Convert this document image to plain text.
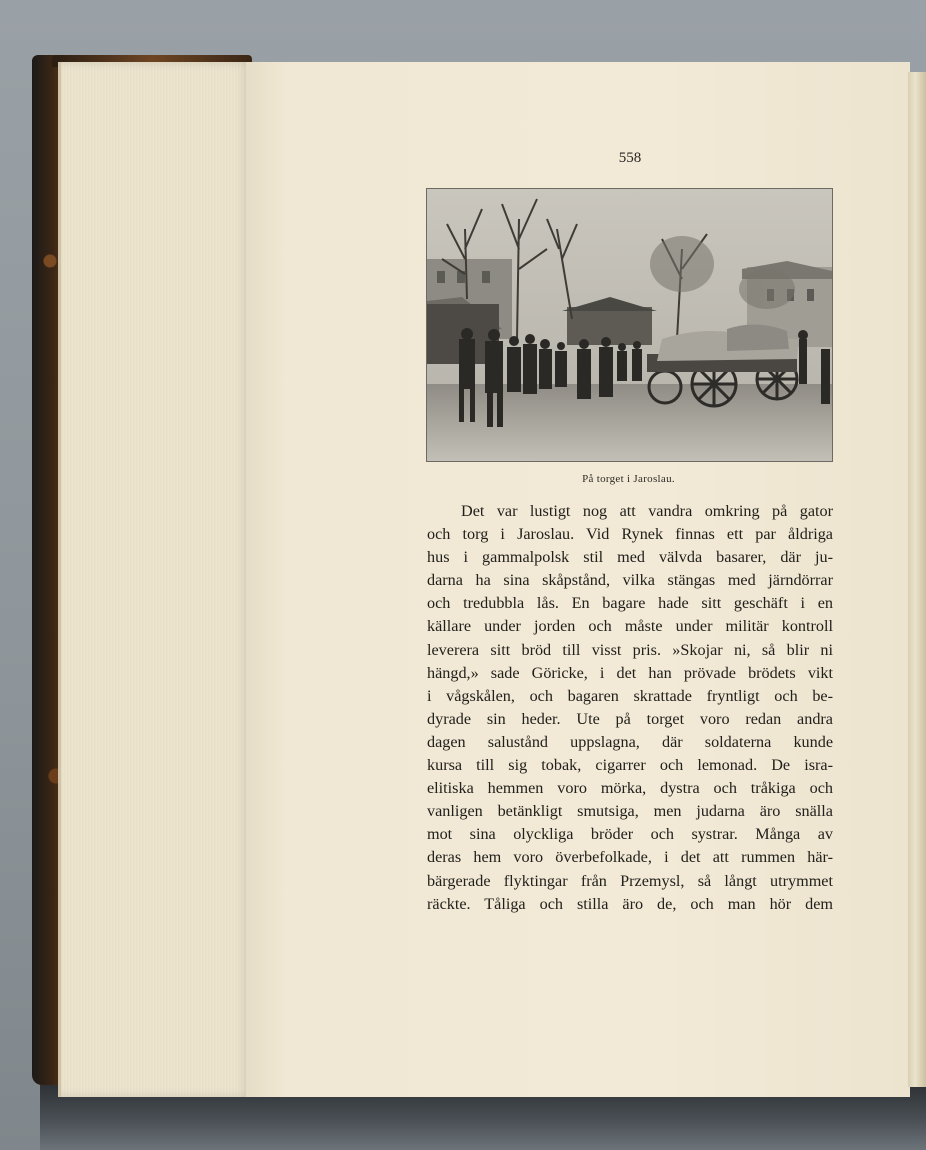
558
På torget i Jaroslau.
Det var lustigt nog att vandra omkring på gator
och torg i Jaroslau. Vid Rynek finnas ett par åldriga
hus i gammalpolsk stil med välvda basarer, där ju-
darna ha sina skåpstånd, vilka stängas med järndörrar
och tredubbla lås. En bagare hade sitt geschäft i en
källare under jorden och måste under militär kontroll
leverera sitt bröd till visst pris. »Skojar ni, så blir ni
hängd,» sade Göricke, i det han prövade brödets vikt
i vågskålen, och bagaren skrattade fryntligt och be-
dyrade sin heder. Ute på torget voro redan andra
dagen salustånd uppslagna, där soldaterna kunde
kursa till sig tobak, cigarrer och lemonad. De isra-
elitiska hemmen voro mörka, dystra och tråkiga och
vanligen betänkligt smutsiga, men judarna äro snälla
mot sina olyckliga bröder och systrar. Många av
deras hem voro överbefolkade, i det att rummen här-
bärgerade flyktingar från Przemysl, så långt utrymmet
räckte. Tåliga och stilla äro de, och man hör dem
